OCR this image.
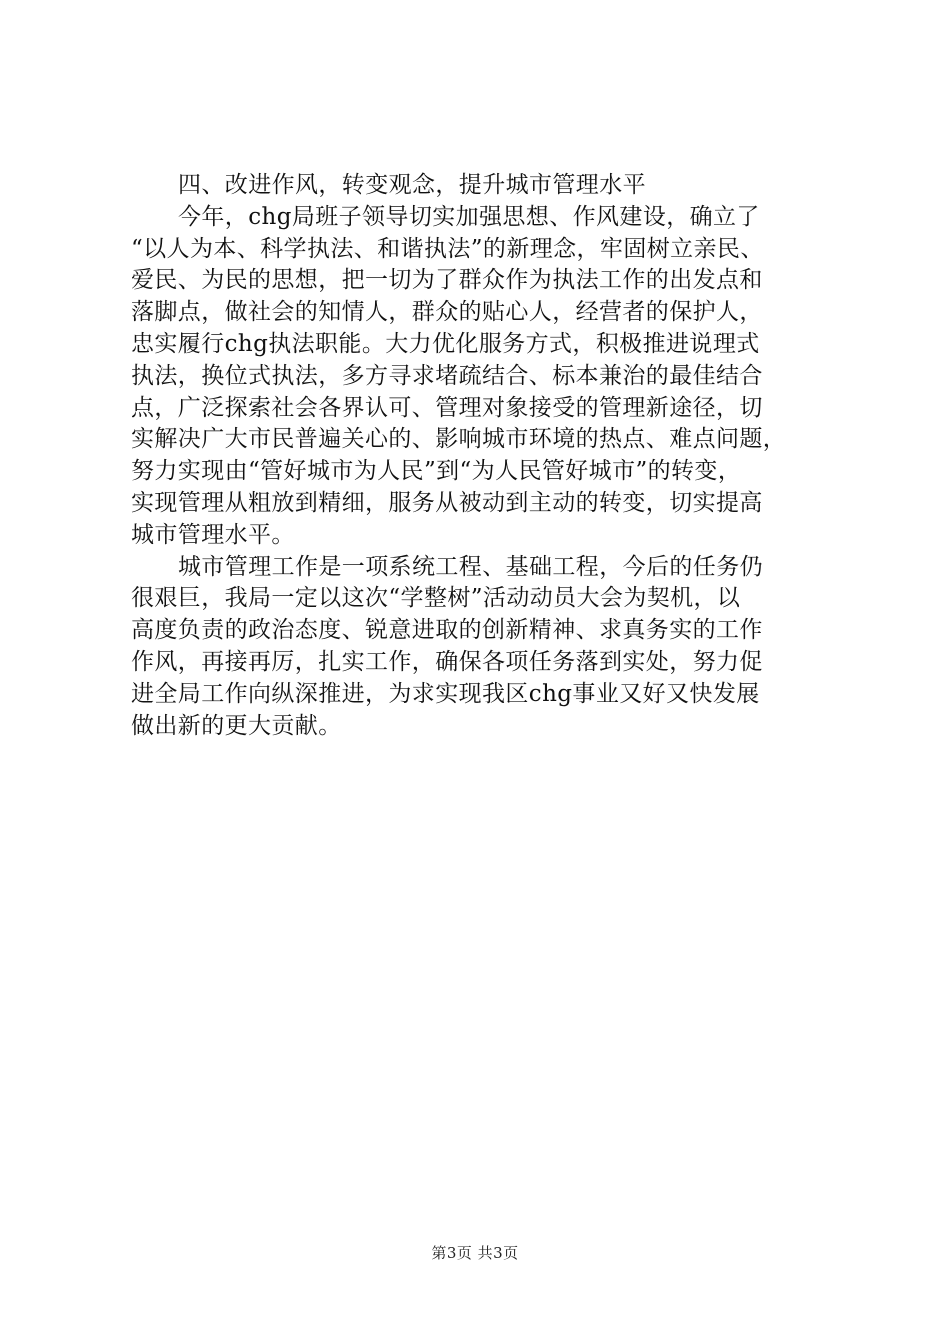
四、改进作风，转变观念，提升城市管理水平
今年，chg局班子领导切实加强思想、作风建设，确立了
“以人为本、科学执法、和谐执法”的新理念，牢固树立亲民、
爱民、为民的思想，把一切为了群众作为执法工作的出发点和
落脚点，做社会的知情人，群众的贴心人，经营者的保护人，
忠实履行chg执法职能。大力优化服务方式，积极推进说理式
执法，换位式执法，多方寻求堵疏结合、标本兼治的最佳结合
点，广泛探索社会各界认可、管理对象接受的管理新途径，切
实解决广大市民普遍关心的、影响城市环境的热点、难点问题，
努力实现由“管好城市为人民”到“为人民管好城市”的转变，
实现管理从粗放到精细，服务从被动到主动的转变，切实提高
城市管理水平。
城市管理工作是一项系统工程、基础工程，今后的任务仍
很艰巨，我局一定以这次“学整树”活动动员大会为契机，以
高度负责的政治态度、锐意进取的创新精神、求真务实的工作
作风，再接再厉，扎实工作，确保各项任务落到实处，努力促
进全局工作向纵深推进，为求实现我区chg事业又好又快发展
做出新的更大贡献。
第3页 共3页
